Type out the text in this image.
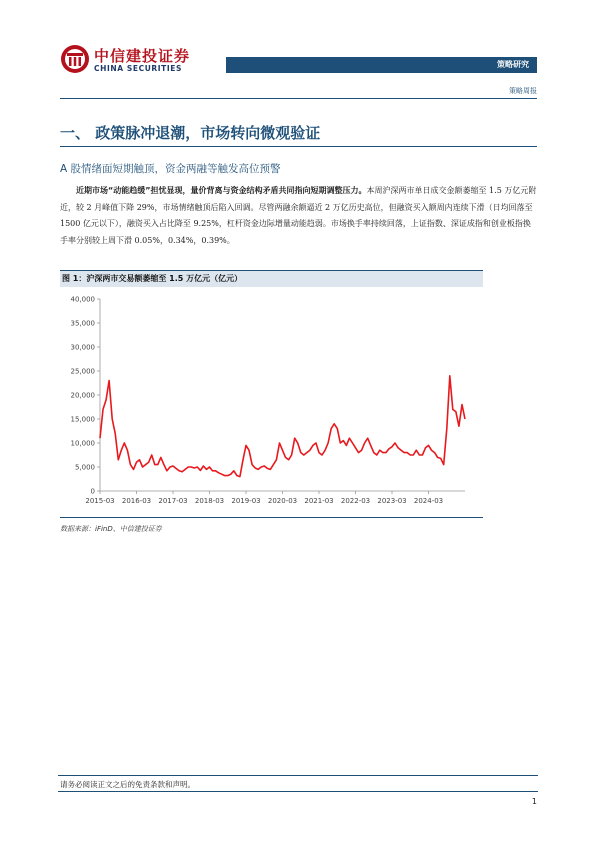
中信建投证券
CHINA SECURITIES	策略研究
策略周报
一、 政策脉冲退潮，市场转向微观验证
A 股情绪面短期触顶，资金两融等触发高位预警
近期市场“动能趋缓”担忧显现，量价背离与资金结构矛盾共同指向短期调整压力。本周沪深两市单日成交金额萎缩至 1.5 万亿元附近，较 2 月峰值下降 29%，市场情绪触顶后陷入回调。尽管两融余额逼近 2 万亿历史高位，但融资买入额周内连续下滑（日均回落至1500 亿元以下），融资买入占比降至 9.25%，杠杆资金边际增量动能趋弱。市场换手率持续回落，上证指数、深证成指和创业板指换手率分别较上周下滑 0.05%，0.34%，0.39%。
图 1：沪深两市交易额萎缩至 1.5 万亿元（亿元）
0
5,000
10,000
15,000
20,000
25,000
30,000
35,000
40,000
2015-03 2016-03 2017-03 2018-03 2019-03 2020-03 2021-03 2022-03 2023-03 2024-03
数据来源：iFinD、中信建投证券
请务必阅读正文之后的免责条款和声明。
1
